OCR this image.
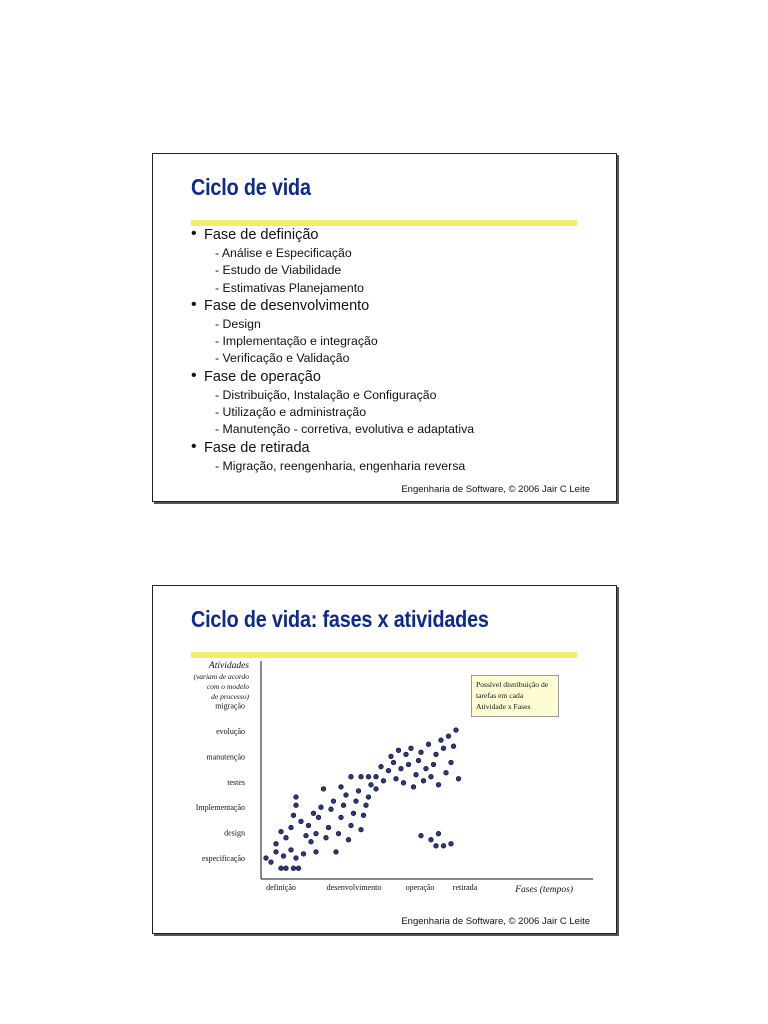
Ciclo de vida
• Fase de definição
- Análise e Especificação
- Estudo de Viabilidade
- Estimativas Planejamento
• Fase de desenvolvimento
- Design
- Implementação e integração
- Verificação e Validação
• Fase de operação
- Distribuição, Instalação e Configuração
- Utilização e administração
- Manutenção - corretiva, evolutiva e adaptativa
• Fase de retirada
- Migração, reengenharia, engenharia reversa
Engenharia de Software, © 2006 Jair C Leite
Ciclo de vida: fases x atividades
especificação
design
Implementação
testes
manutenção
evolução
migração
definição	desenvolvimento	operação retirada
Atividades
(variam de acordo
com o modelo
de processo)
Fases (tempos)
Possível distribuição de tarefas em cada Atividade x Fases
Engenharia de Software, © 2006 Jair C Leite
